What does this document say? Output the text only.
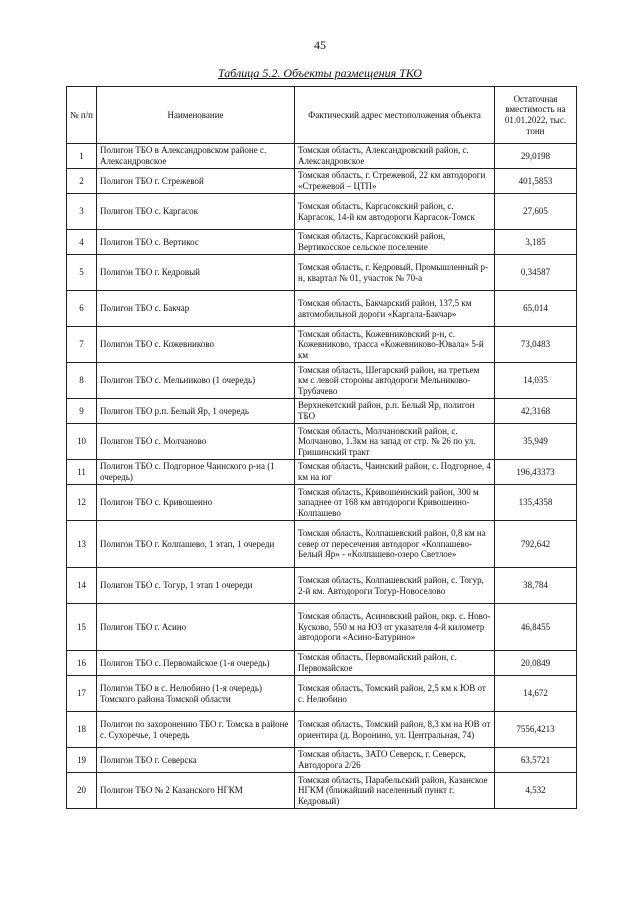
45
Таблица 5.2. Объекты размещения ТКО
№ п/п	Наименование	Фактический адрес местоположения объекта	Остаточная вместимость на 01.01.2022, тыс. тонн
1	Полигон ТБО в Александровском районе с. Александровское	Томская область, Александровский район, с. Александровское	29,0198
2	Полигон ТБО г. Стрежевой	Томская область, г. Стрежевой, 22 км автодороги «Стрежевой – ЦТП»	401,5853
3	Полигон ТБО с. Каргасок	Томская область, Каргасокский район, с. Каргасок, 14-й км автодороги Каргасок-Томск	27,605
4	Полигон ТБО с. Вертикос	Томская область, Каргасокский район, Вертикосское сельское поселение	3,185
5	Полигон ТБО г. Кедровый	Томская область, г. Кедровый, Промышленный р-н, квартал № 01, участок № 70-а	0,34587
6	Полигон ТБО с. Бакчар	Томская область, Бакчарский район, 137,5 км автомобильной дороги «Каргала-Бакчар»	65,014
7	Полигон ТБО с. Кожевниково	Томская область, Кожевниковский р-н, с. Кожевниково, трасса «Кожевниково-Ювала» 5-й км	73,0483
8	Полигон ТБО с. Мельниково (1 очередь)	Томская область, Шегарский район, на третьем км с левой стороны автодороги Мельниково-Трубачево	14,035
9	Полигон ТБО р.п. Белый Яр, 1 очередь	Верхнекетский район, р.п. Белый Яр, полигон ТБО	42,3168
10	Полигон ТБО с. Молчаново	Томская область, Молчановский район, с. Молчаново, 1.3км на запад от стр. № 26 по ул. Гришинский тракт	35,949
11	Полигон ТБО с. Подгорное Чаинского р-на (1 очередь)	Томская область, Чаинский район, с. Подгорное, 4 км на юг	196,43373
12	Полигон ТБО с. Кривошеино	Томская область, Кривошеинский район, 300 м западнее от 168 км автодороги Кривошеино-Колпашево	135,4358
13	Полигон ТБО г. Колпашево, 1 этап, 1 очереди	Томская область, Колпашевский район, 0,8 км на север от пересечения автодорог «Колпашево-Белый Яр» - «Колпашево-озеро Светлое»	792,642
14	Полигон ТБО с. Тогур, 1 этап 1 очереди	Томская область, Колпашевский район, с. Тогур, 2-й км. Автодороги Тогур-Новоселово	38,784
15	Полигон ТБО г. Асино	Томская область, Асиновский район, окр. с. Ново-Кусково, 550 м на ЮЗ от указателя 4-й километр автодороги «Асино-Батурино»	46,8455
16	Полигон ТБО с. Первомайское (1-я очередь)	Томская область, Первомайский район, с. Первомайское	20,0849
17	Полигон ТБО в с. Нелюбино (1-я очередь) Томского района Томской области	Томская область, Томский район, 2,5 км к ЮВ от с. Нелюбино	14,672
18	Полигон по захоронению ТБО г. Томска в районе с. Сухоречье, 1 очередь	Томская область, Томский район, 8,3 км на ЮВ от ориентира (д. Воронино, ул. Центральная, 74)	7556,4213
19	Полигон ТБО г. Северска	Томская область, ЗАТО Северск, г. Северск, Автодорога 2/26	63,5721
20	Полигон ТБО № 2 Казанского НГКМ	Томская область, Парабельский район, Казанское НГКМ (ближайший населенный пункт г. Кедровый)	4,532
